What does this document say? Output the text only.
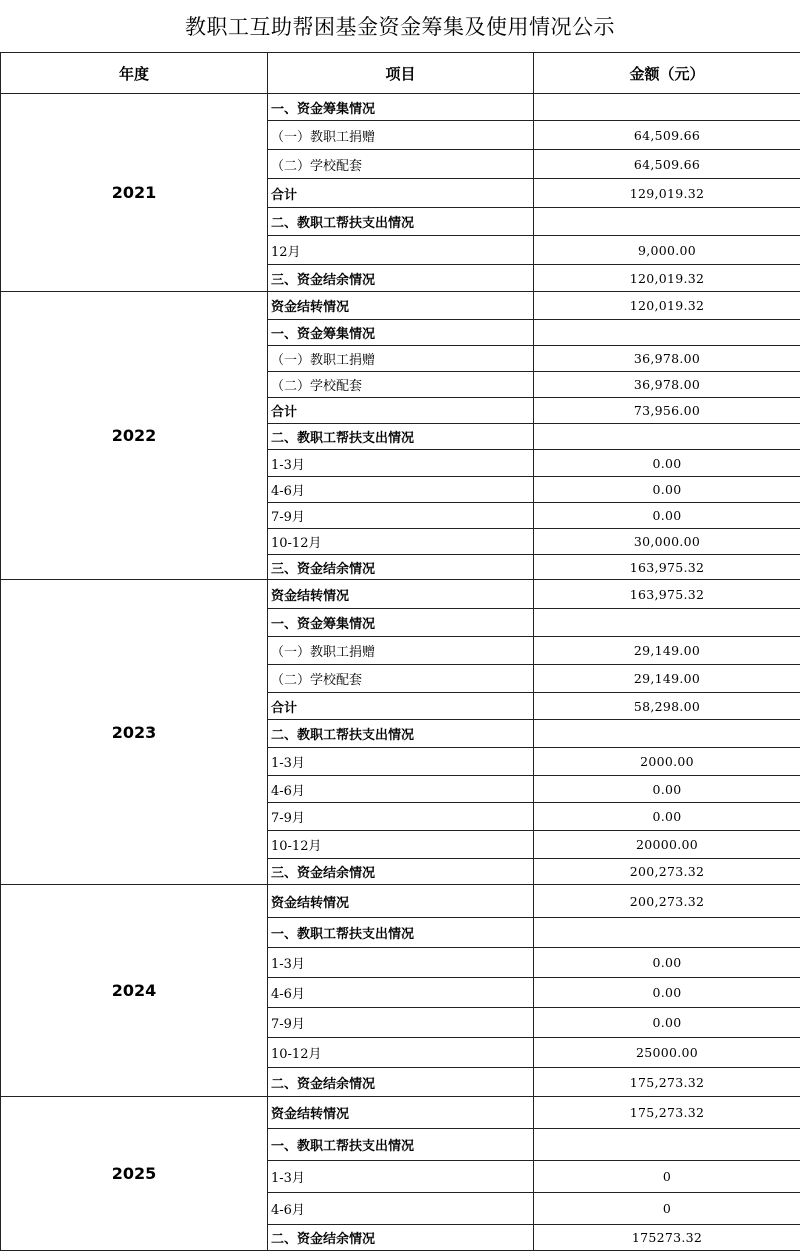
教职工互助帮困基金资金筹集及使用情况公示
年度	项目	金额（元）
2021	一、资金筹集情况	
	（一）教职工捐赠	64,509.66
	（二）学校配套	64,509.66
	合计	129,019.32
	二、教职工帮扶支出情况	
	12月	9,000.00
	三、资金结余情况	120,019.32
2022	资金结转情况	120,019.32
	一、资金筹集情况	
	（一）教职工捐赠	36,978.00
	（二）学校配套	36,978.00
	合计	73,956.00
	二、教职工帮扶支出情况	
	1-3月	0.00
	4-6月	0.00
	7-9月	0.00
	10-12月	30,000.00
	三、资金结余情况	163,975.32
2023	资金结转情况	163,975.32
	一、资金筹集情况	
	（一）教职工捐赠	29,149.00
	（二）学校配套	29,149.00
	合计	58,298.00
	二、教职工帮扶支出情况	
	1-3月	2000.00
	4-6月	0.00
	7-9月	0.00
	10-12月	20000.00
	三、资金结余情况	200,273.32
2024	资金结转情况	200,273.32
	一、教职工帮扶支出情况	
	1-3月	0.00
	4-6月	0.00
	7-9月	0.00
	10-12月	25000.00
	二、资金结余情况	175,273.32
2025	资金结转情况	175,273.32
	一、教职工帮扶支出情况	
	1-3月	0
	4-6月	0
	二、资金结余情况	175273.32
